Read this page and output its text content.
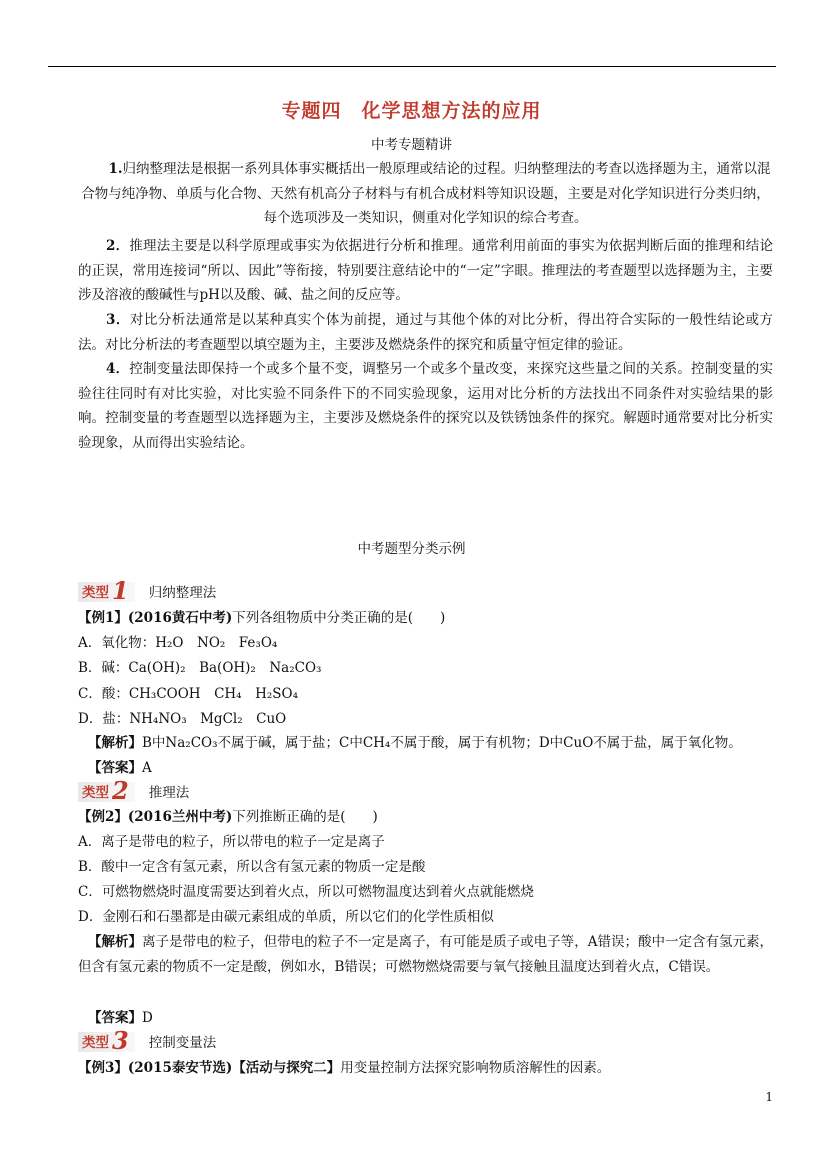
专题四　化学思想方法的应用
中考专题精讲
1.归纳整理法是根据一系列具体事实概括出一般原理或结论的过程。归纳整理法的考查以选择题为主，通常以混合物与纯净物、单质与化合物、天然有机高分子材料与有机合成材料等知识设题，主要是对化学知识进行分类归纳，每个选项涉及一类知识，侧重对化学知识的综合考查。
2．推理法主要是以科学原理或事实为依据进行分析和推理。通常利用前面的事实为依据判断后面的推理和结论的正误，常用连接词“所以、因此”等衔接，特别要注意结论中的“一定”字眼。推理法的考查题型以选择题为主，主要涉及溶液的酸碱性与pH以及酸、碱、盐之间的反应等。
3．对比分析法通常是以某种真实个体为前提，通过与其他个体的对比分析，得出符合实际的一般性结论或方法。对比分析法的考查题型以填空题为主，主要涉及燃烧条件的探究和质量守恒定律的验证。
4．控制变量法即保持一个或多个量不变，调整另一个或多个量改变，来探究这些量之间的关系。控制变量的实验往往同时有对比实验，对比实验不同条件下的不同实验现象，运用对比分析的方法找出不同条件对实验结果的影响。控制变量的考查题型以选择题为主，主要涉及燃烧条件的探究以及铁锈蚀条件的探究。解题时通常要对比分析实验现象，从而得出实验结论。
中考题型分类示例
类型 1 归纳整理法
【例1】(2016黄石中考)下列各组物质中分类正确的是(　　)
A．氧化物：H₂O　NO₂　Fe₃O₄
B．碱：Ca(OH)₂　Ba(OH)₂　Na₂CO₃
C．酸：CH₃COOH　CH₄　H₂SO₄
D．盐：NH₄NO₃　MgCl₂　CuO
【解析】B中Na₂CO₃不属于碱，属于盐；C中CH₄不属于酸，属于有机物；D中CuO不属于盐，属于氧化物。
【答案】A
类型 2 推理法
【例2】(2016兰州中考)下列推断正确的是(　　)
A．离子是带电的粒子，所以带电的粒子一定是离子
B．酸中一定含有氢元素，所以含有氢元素的物质一定是酸
C．可燃物燃烧时温度需要达到着火点，所以可燃物温度达到着火点就能燃烧
D．金刚石和石墨都是由碳元素组成的单质，所以它们的化学性质相似
【解析】离子是带电的粒子，但带电的粒子不一定是离子，有可能是质子或电子等，A错误；酸中一定含有氢元素，但含有氢元素的物质不一定是酸，例如水，B错误；可燃物燃烧需要与氧气接触且温度达到着火点，C错误。
【答案】D
类型 3 控制变量法
【例3】(2015泰安节选)【活动与探究二】用变量控制方法探究影响物质溶解性的因素。
1
